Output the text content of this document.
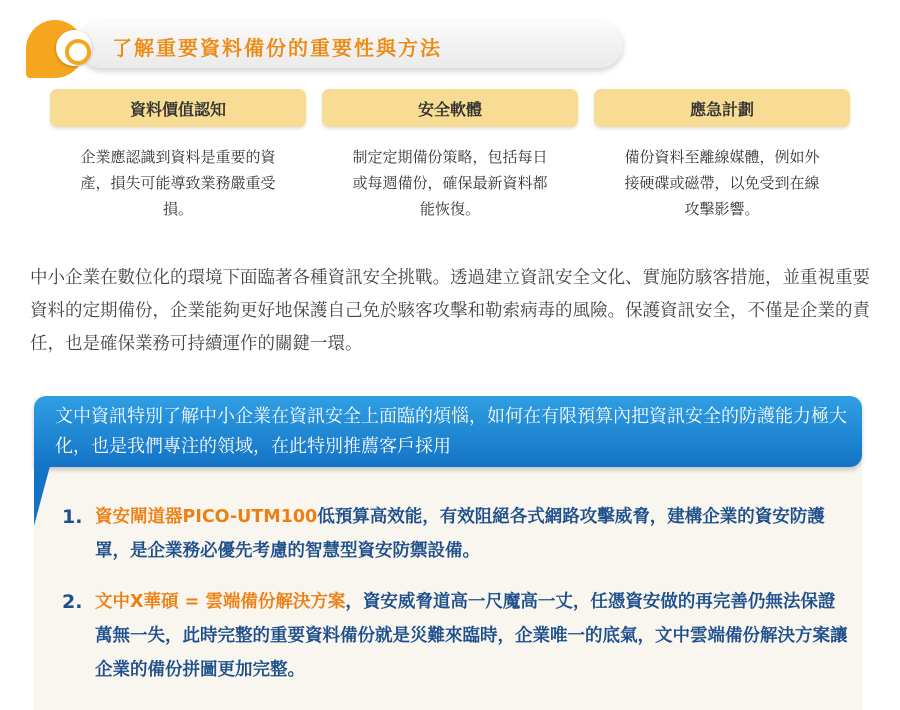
了解重要資料備份的重要性與方法
資料價值認知
企業應認識到資料是重要的資產，損失可能導致業務嚴重受損。
安全軟體
制定定期備份策略，包括每日或每週備份，確保最新資料都能恢復。
應急計劃
備份資料至離線媒體，例如外接硬碟或磁帶，以免受到在線攻擊影響。

中小企業在數位化的環境下面臨著各種資訊安全挑戰。透過建立資訊安全文化、實施防駭客措施，並重視重要資料的定期備份，企業能夠更好地保護自己免於駭客攻擊和勒索病毒的風險。保護資訊安全，不僅是企業的責任，也是確保業務可持續運作的關鍵一環。

文中資訊特別了解中小企業在資訊安全上面臨的煩惱，如何在有限預算內把資訊安全的防護能力極大化，也是我們專注的領域，在此特別推薦客戶採用
1. 資安閘道器PICO-UTM100低預算高效能，有效阻絕各式網路攻擊威脅，建構企業的資安防護罩，是企業務必優先考慮的智慧型資安防禦設備。
2. 文中X華碩 = 雲端備份解決方案，資安威脅道高一尺魔高一丈，任憑資安做的再完善仍無法保證萬無一失，此時完整的重要資料備份就是災難來臨時，企業唯一的底氣，文中雲端備份解決方案讓企業的備份拼圖更加完整。
